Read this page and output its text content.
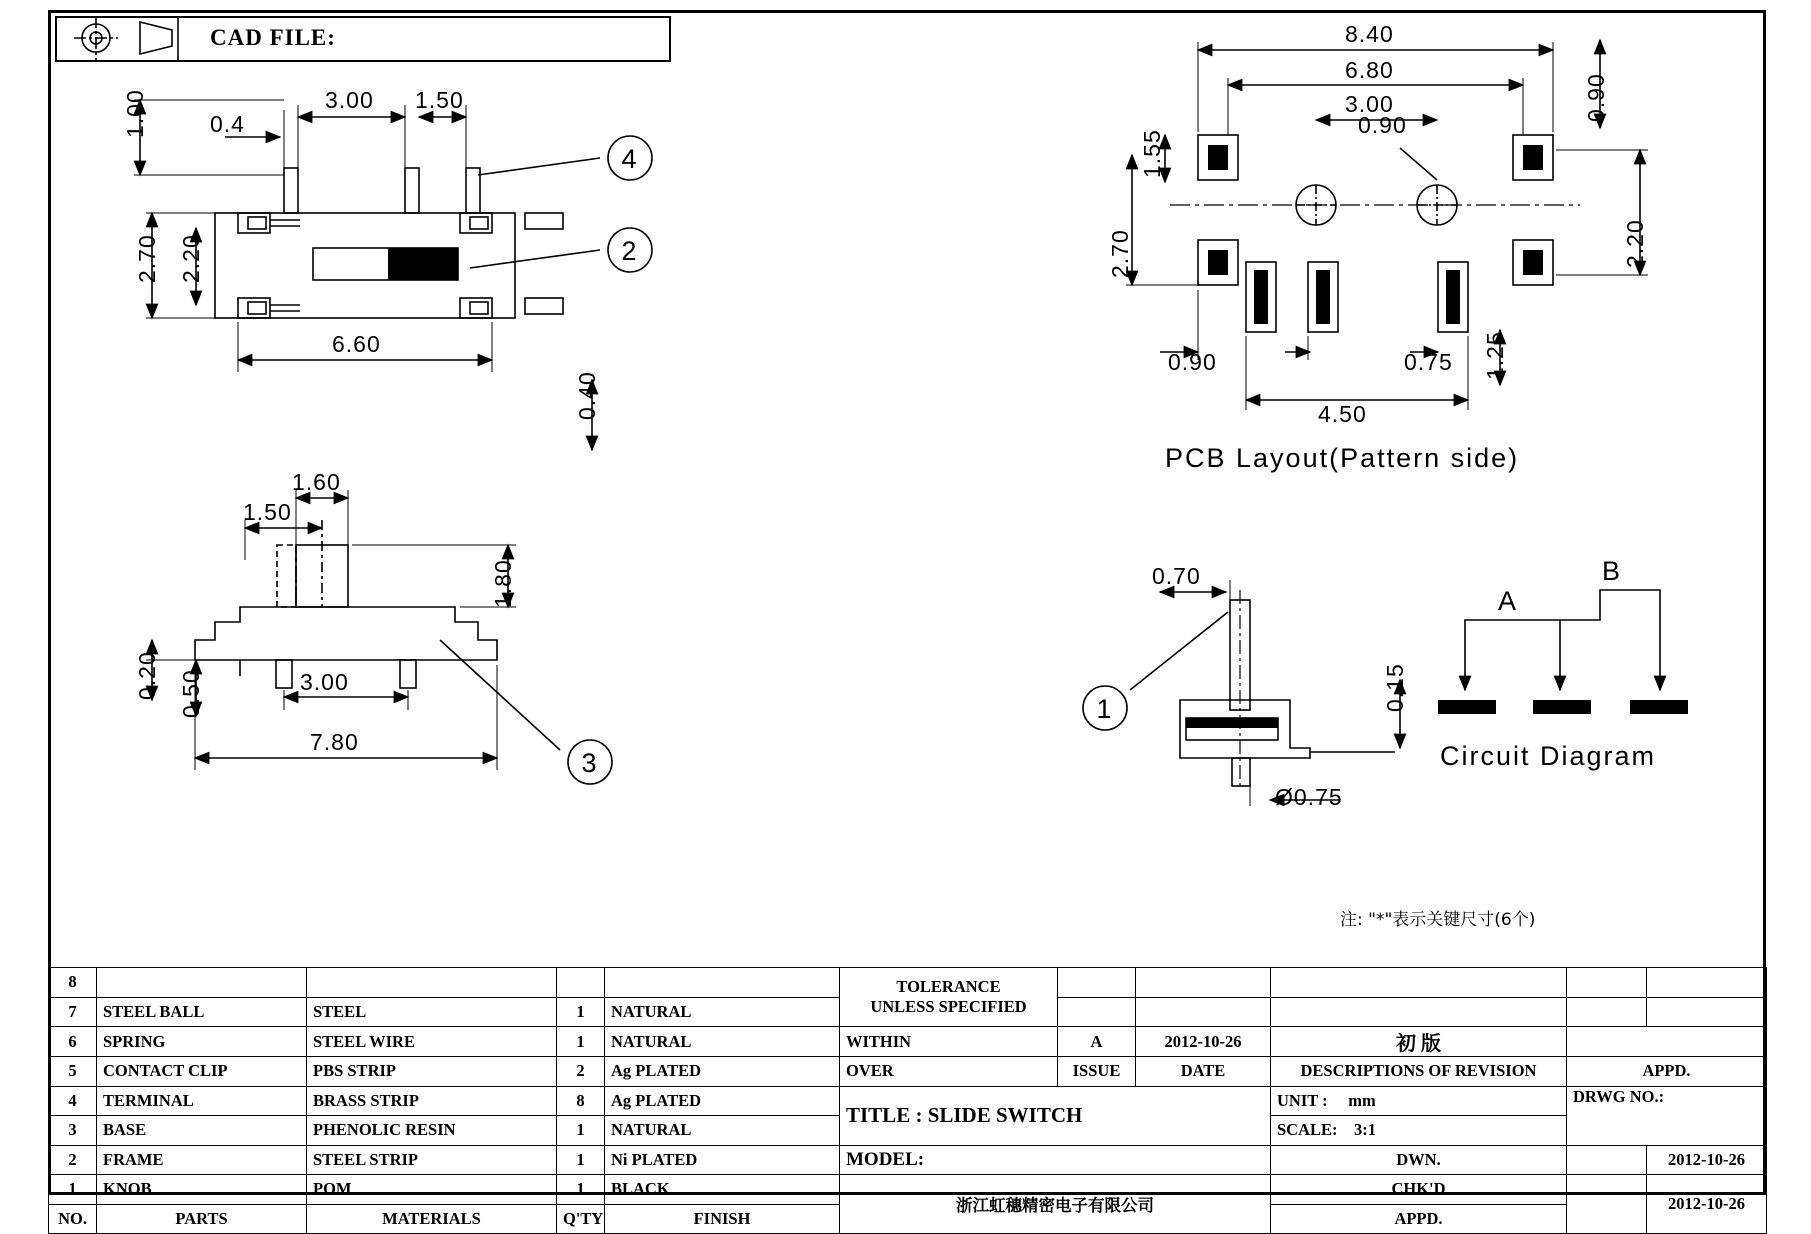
1.00	0.4
3.00 1.50
2.70 2.20
6.60
0.40
4
2
1.60
1.50
1.80
0.20 0.50	3.00
7.80
3
8.40
6.80
3.00
0.90
1.55
2.70	2.20
0.90
0.90	0.75 1.25
4.50
PCB Layout(Pattern side)
0.70
0.15
Ø0.75
1
A
B
Circuit Diagram
注: "*"表示关键尺寸(6个)
CAD FILE:
8					TOLERANCE
UNLESS SPECIFIED					

7	STEEL BALL	STEEL	1	NATURAL						
6	SPRING	STEEL WIRE	1	NATURAL	WITHIN	A	2012-10-26	初 版		
5	CONTACT CLIP	PBS STRIP	2	Ag PLATED	OVER	ISSUE	DATE	DESCRIPTIONS OF REVISION	APPD.	
4	TERMINAL	BRASS STRIP	8	Ag PLATED	TITLE : SLIDE SWITCH			UNIT : mm	DRWG NO.:	
3	BASE	PHENOLIC RESIN	1	NATURAL				SCALE: 3:1		
2	FRAME	STEEL STRIP	1	Ni PLATED	MODEL:			DWN.		2012-10-26
1	KNOB	POM	1	BLACK	浙江虹穗精密电子有限公司			CHK'D		2012-10-26
NO.	PARTS	MATERIALS	Q'TY	FINISH				APPD.		
